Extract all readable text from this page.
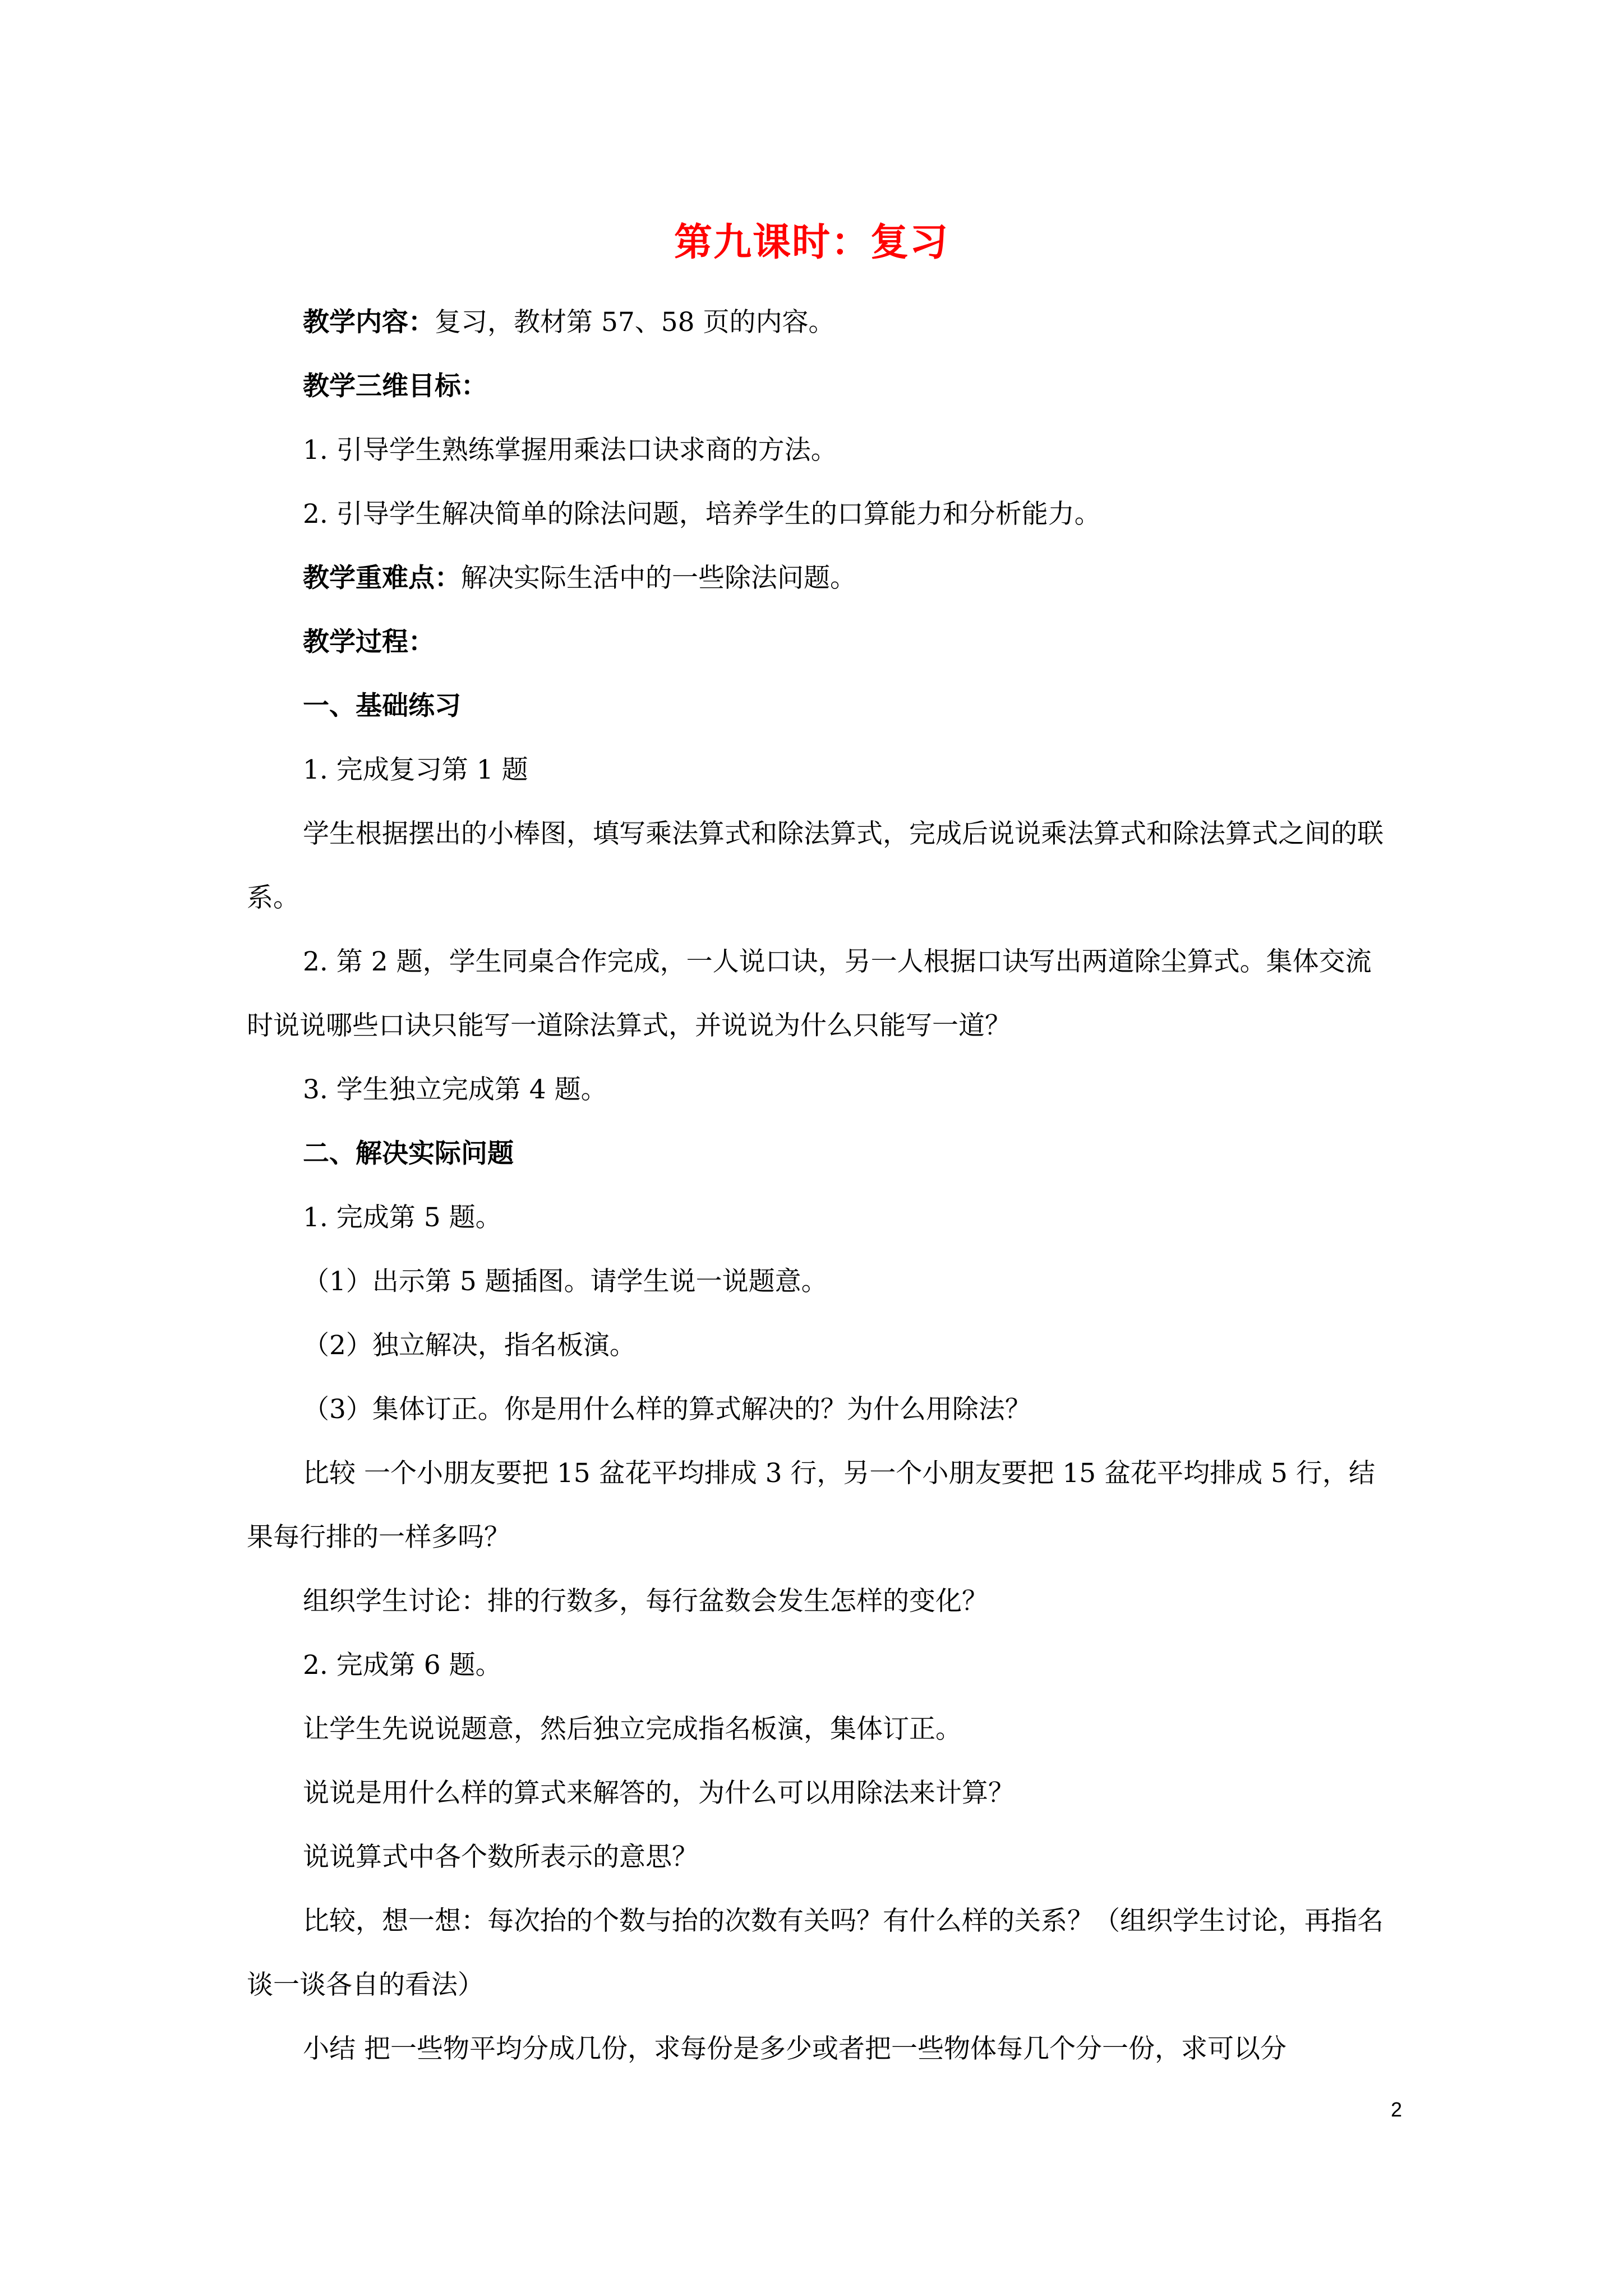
第九课时：复习

教学内容：复习，教材第 57、58 页的内容。

教学三维目标：

1. 引导学生熟练掌握用乘法口诀求商的方法。

2. 引导学生解决简单的除法问题，培养学生的口算能力和分析能力。

教学重难点：解决实际生活中的一些除法问题。

教学过程：

一、基础练习

1. 完成复习第 1 题

学生根据摆出的小棒图，填写乘法算式和除法算式，完成后说说乘法算式和除法算式之间的联系。

2. 第 2 题，学生同桌合作完成，一人说口诀，另一人根据口诀写出两道除尘算式。集体交流时说说哪些口诀只能写一道除法算式，并说说为什么只能写一道？

3. 学生独立完成第 4 题。

二、解决实际问题

1. 完成第 5 题。

（1）出示第 5 题插图。请学生说一说题意。

（2）独立解决，指名板演。

（3）集体订正。你是用什么样的算式解决的？为什么用除法？

比较 一个小朋友要把 15 盆花平均排成 3 行，另一个小朋友要把 15 盆花平均排成 5 行，结果每行排的一样多吗？

组织学生讨论：排的行数多，每行盆数会发生怎样的变化？

2. 完成第 6 题。

让学生先说说题意，然后独立完成指名板演，集体订正。

说说是用什么样的算式来解答的，为什么可以用除法来计算？

说说算式中各个数所表示的意思？

比较，想一想：每次抬的个数与抬的次数有关吗？有什么样的关系？（组织学生讨论，再指名谈一谈各自的看法）

小结 把一些物平均分成几份，求每份是多少或者把一些物体每几个分一份，求可以分

2
